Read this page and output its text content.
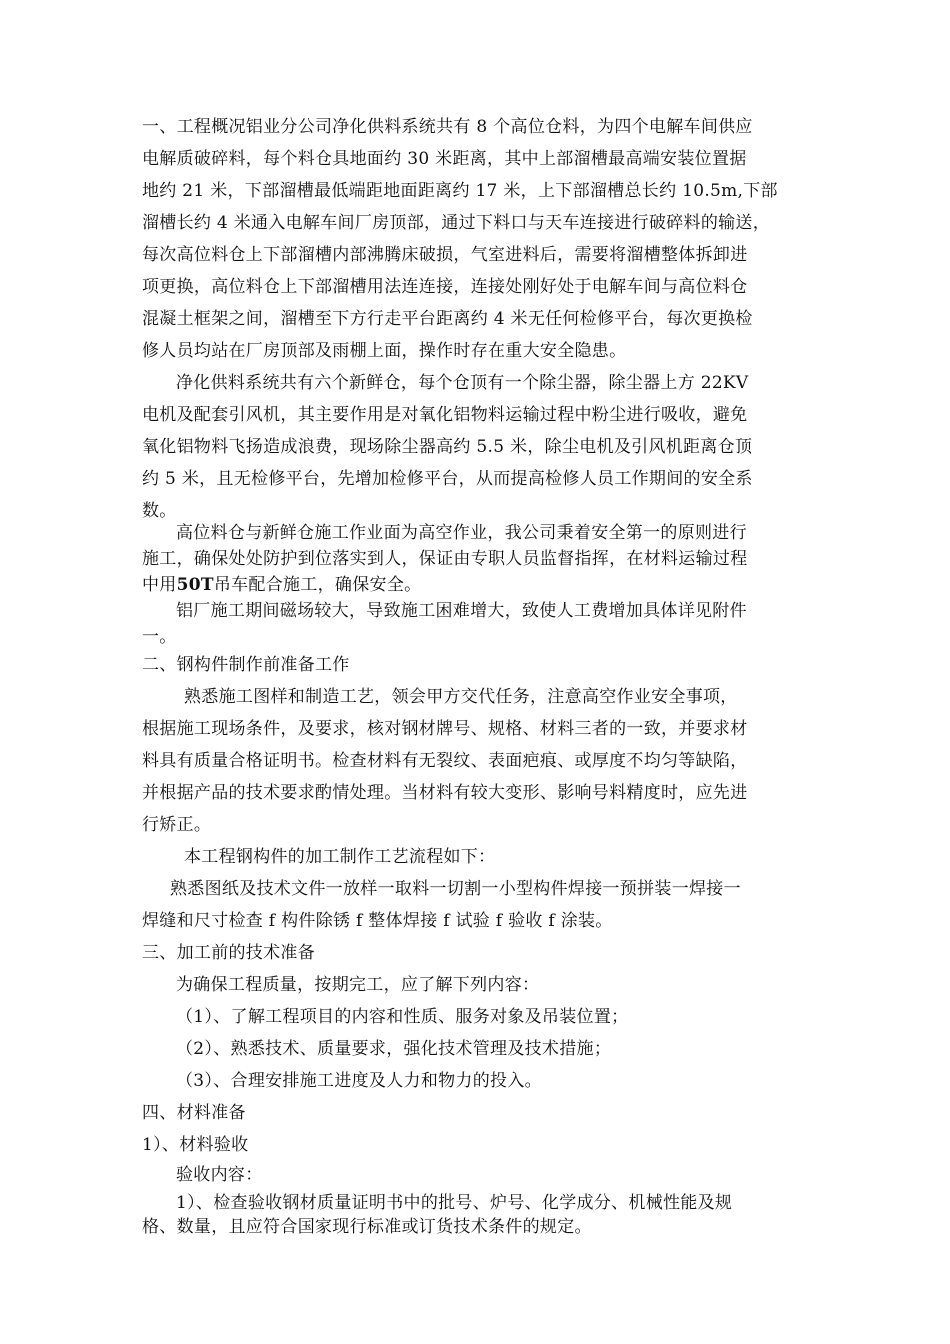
一、工程概况铝业分公司净化供料系统共有 8 个高位仓料，为四个电解车间供应
电解质破碎料，每个料仓具地面约 30 米距离，其中上部溜槽最高端安装位置据
地约 21 米，下部溜槽最低端距地面距离约 17 米，上下部溜槽总长约 10.5m,下部
溜槽长约 4 米通入电解车间厂房顶部，通过下料口与天车连接进行破碎料的输送，
每次高位料仓上下部溜槽内部沸腾床破损，气室进料后，需要将溜槽整体拆卸进
项更换，高位料仓上下部溜槽用法连连接，连接处刚好处于电解车间与高位料仓
混凝土框架之间，溜槽至下方行走平台距离约 4 米无任何检修平台，每次更换检
修人员均站在厂房顶部及雨棚上面，操作时存在重大安全隐患。
净化供料系统共有六个新鲜仓，每个仓顶有一个除尘器，除尘器上方 22KV
电机及配套引风机，其主要作用是对氧化铝物料运输过程中粉尘进行吸收，避免
氧化铝物料飞扬造成浪费，现场除尘器高约 5.5 米，除尘电机及引风机距离仓顶
约 5 米，且无检修平台，先增加检修平台，从而提高检修人员工作期间的安全系
数。
高位料仓与新鲜仓施工作业面为高空作业，我公司秉着安全第一的原则进行
施工，确保处处防护到位落实到人，保证由专职人员监督指挥，在材料运输过程
中用50T吊车配合施工，确保安全。
铝厂施工期间磁场较大，导致施工困难增大，致使人工费增加具体详见附件
一。
二、钢构件制作前准备工作
熟悉施工图样和制造工艺，领会甲方交代任务，注意高空作业安全事项，
根据施工现场条件，及要求，核对钢材牌号、规格、材料三者的一致，并要求材
料具有质量合格证明书。检查材料有无裂纹、表面疤痕、或厚度不均匀等缺陷，
并根据产品的技术要求酌情处理。当材料有较大变形、影响号料精度时，应先进
行矫正。
本工程钢构件的加工制作工艺流程如下：
熟悉图纸及技术文件一放样一取料一切割一小型构件焊接一预拼装一焊接一
焊缝和尺寸检查 f 构件除锈 f 整体焊接 f 试验 f 验收 f 涂装。
三、加工前的技术准备
为确保工程质量，按期完工，应了解下列内容：
（1）、了解工程项目的内容和性质、服务对象及吊装位置；
（2）、熟悉技术、质量要求，强化技术管理及技术措施；
（3）、合理安排施工进度及人力和物力的投入。
四、材料准备
1）、材料验收
验收内容：
1）、检查验收钢材质量证明书中的批号、炉号、化学成分、机械性能及规
格、数量，且应符合国家现行标准或订货技术条件的规定。
